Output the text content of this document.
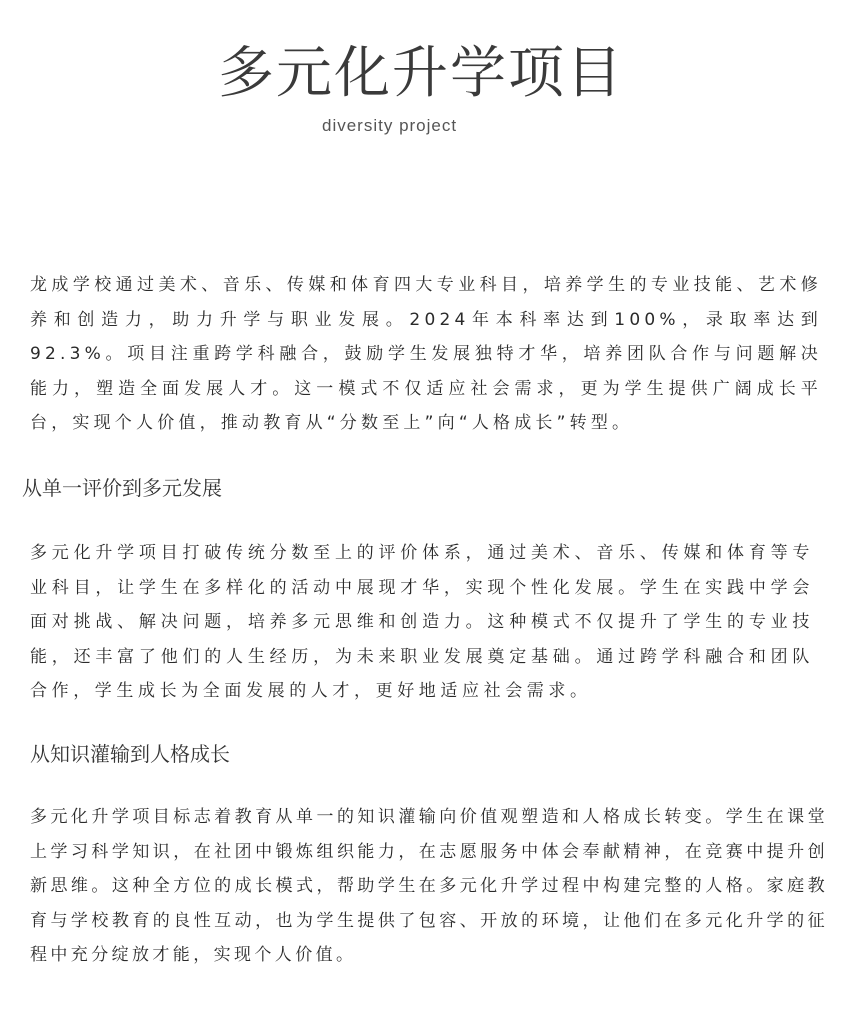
多元化升学项目
diversity project
龙成学校通过美术、音乐、传媒和体育四大专业科目，培养学生的专业技能、艺术修养和创造力，助力升学与职业发展。2024年本科率达到100%，录取率达到92.3%。项目注重跨学科融合，鼓励学生发展独特才华，培养团队合作与问题解决能力，塑造全面发展人才。这一模式不仅适应社会需求，更为学生提供广阔成长平台，实现个人价值，推动教育从“分数至上”向“人格成长”转型。
从单一评价到多元发展
多元化升学项目打破传统分数至上的评价体系，通过美术、音乐、传媒和体育等专业科目，让学生在多样化的活动中展现才华，实现个性化发展。学生在实践中学会面对挑战、解决问题，培养多元思维和创造力。这种模式不仅提升了学生的专业技能，还丰富了他们的人生经历，为未来职业发展奠定基础。通过跨学科融合和团队合作，学生成长为全面发展的人才，更好地适应社会需求。
从知识灌输到人格成长
多元化升学项目标志着教育从单一的知识灌输向价值观塑造和人格成长转变。学生在课堂上学习科学知识，在社团中锻炼组织能力，在志愿服务中体会奉献精神，在竞赛中提升创新思维。这种全方位的成长模式，帮助学生在多元化升学过程中构建完整的人格。家庭教育与学校教育的良性互动，也为学生提供了包容、开放的环境，让他们在多元化升学的征程中充分绽放才能，实现个人价值。
